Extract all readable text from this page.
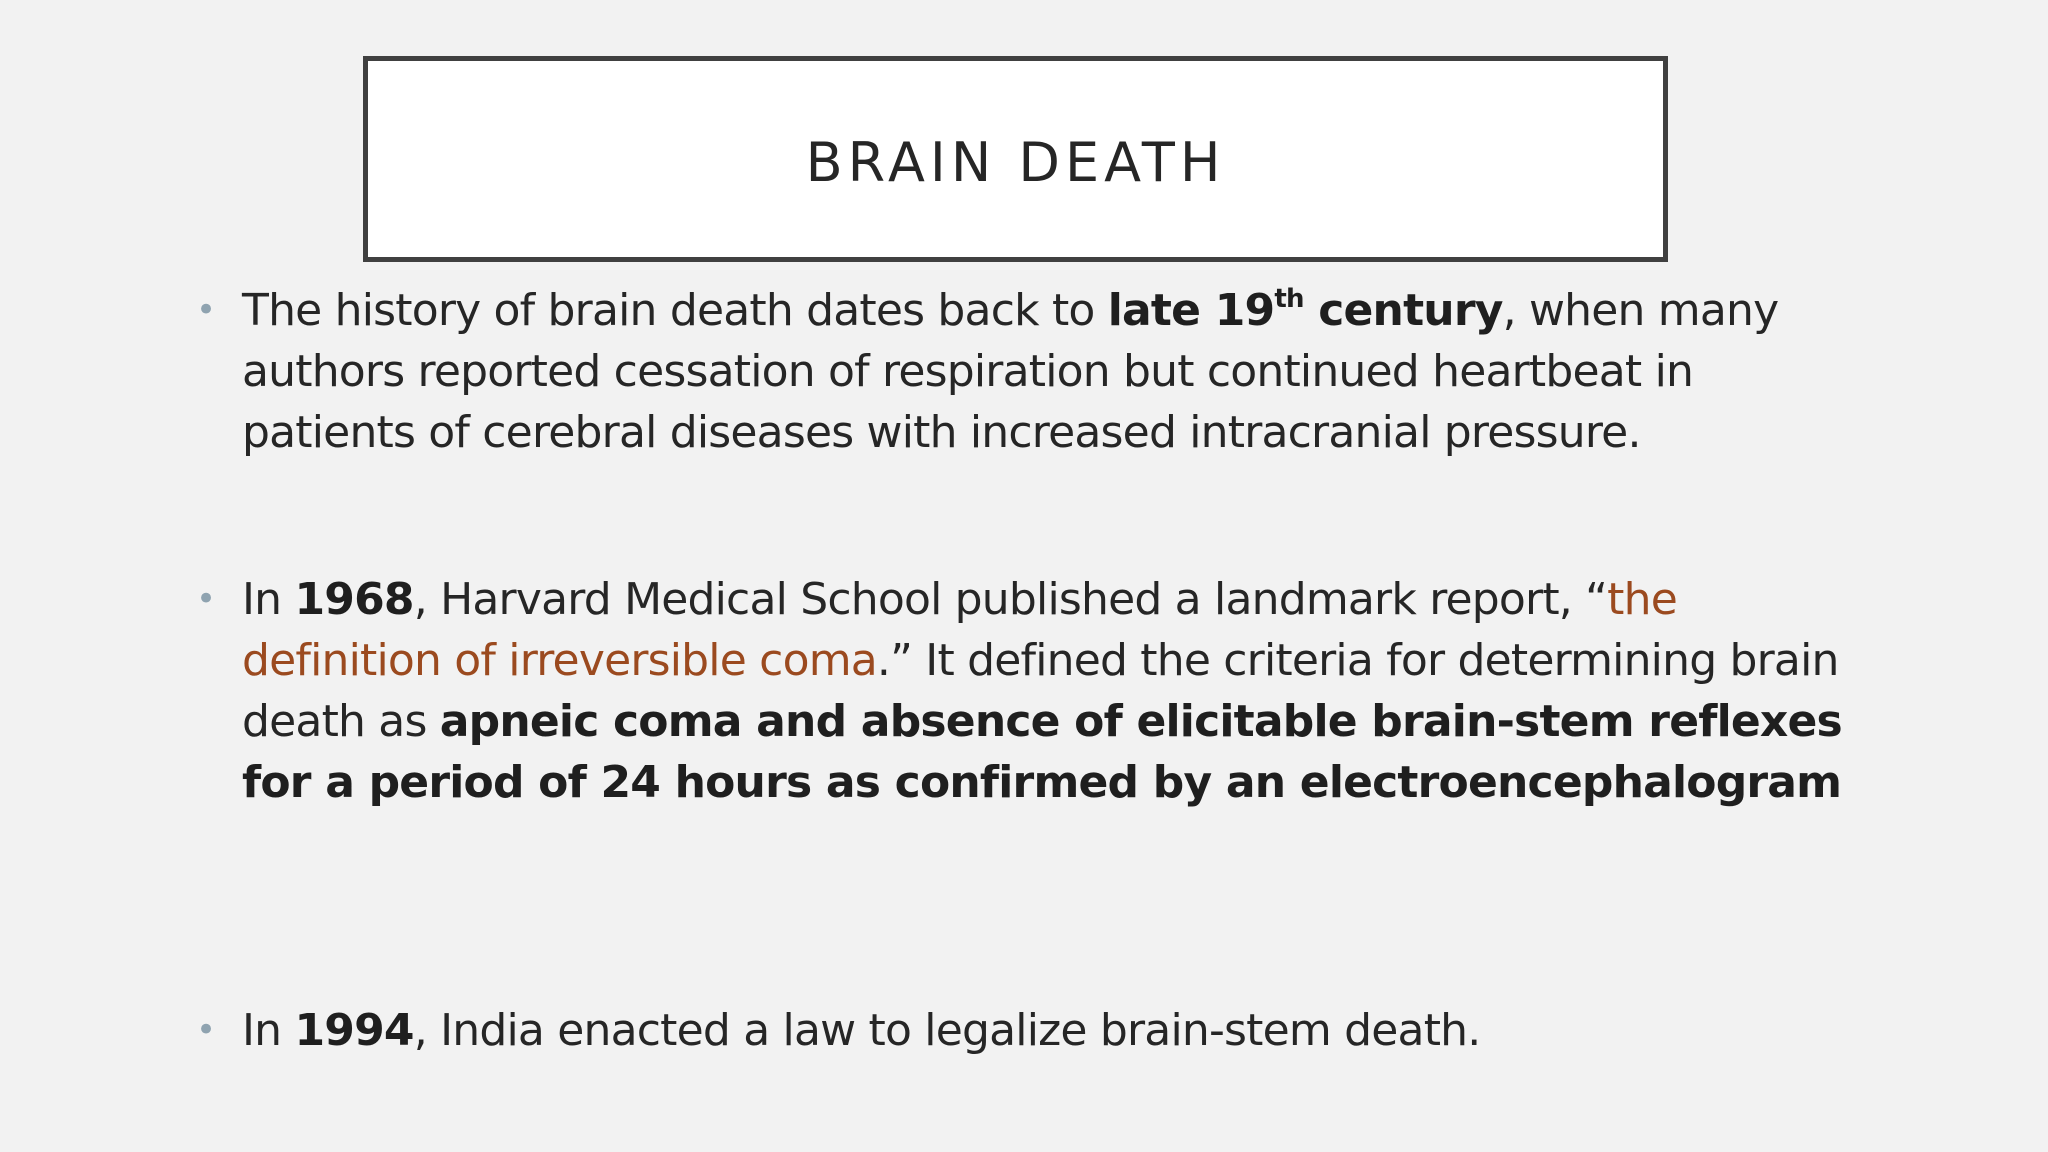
BRAIN DEATH
• The history of brain death dates back to late 19th century, when many authors reported cessation of respiration but continued heartbeat in patients of cerebral diseases with increased intracranial pressure.
• In 1968, Harvard Medical School published a landmark report, “the definition of irreversible coma.” It defined the criteria for determining brain death as apneic coma and absence of elicitable brain-stem reflexes for a period of 24 hours as confirmed by an electroencephalogram
• In 1994, India enacted a law to legalize brain-stem death.
